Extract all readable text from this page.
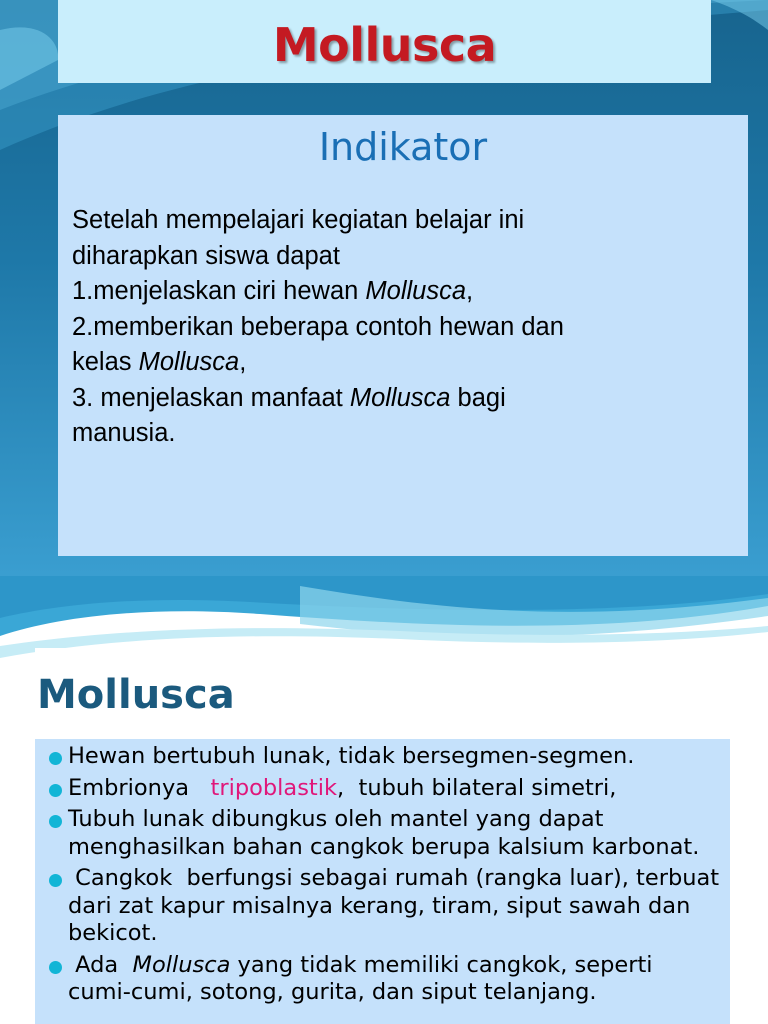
Mollusca
Indikator
Setelah mempelajari kegiatan belajar ini
diharapkan siswa dapat
1.menjelaskan ciri hewan Mollusca,
2.memberikan beberapa contoh hewan dan
kelas Mollusca,
3. menjelaskan manfaat Mollusca bagi
manusia.
Mollusca
Hewan bertubuh lunak, tidak bersegmen-segmen.
Embrionya   tripoblastik,  tubuh bilateral simetri,
Tubuh lunak dibungkus oleh mantel yang dapat menghasilkan bahan cangkok berupa kalsium karbonat.
Cangkok  berfungsi sebagai rumah (rangka luar), terbuat dari zat kapur misalnya kerang, tiram, siput sawah dan bekicot.
Ada  Mollusca yang tidak memiliki cangkok, seperti cumi-cumi, sotong, gurita, dan siput telanjang.
